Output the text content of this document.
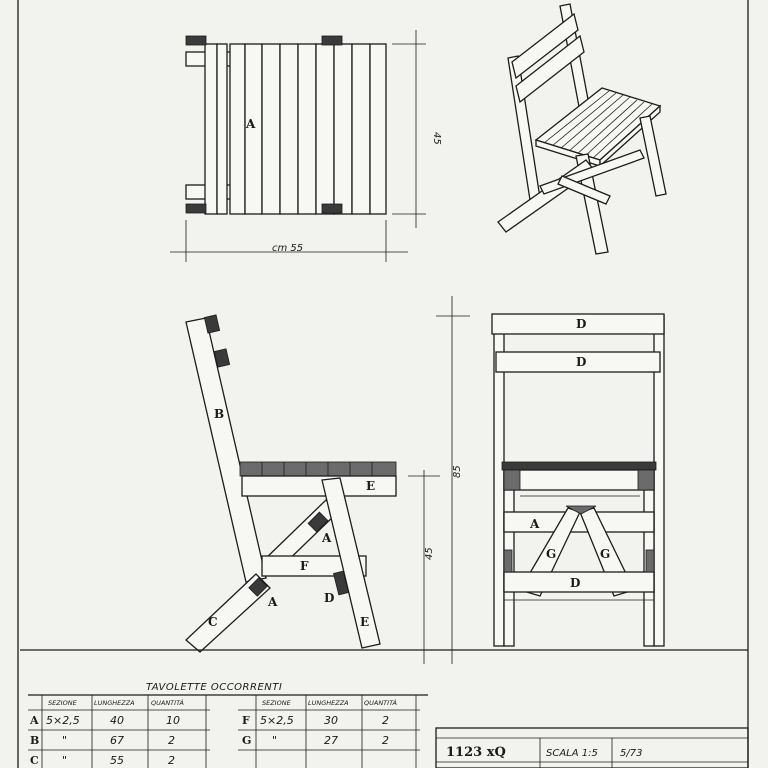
A
cm 55
45
B
E
A
F
D
E
A
C
85
45
D
D
A
G	G
D
TAVOLETTE OCCORRENTI
SEZIONE	LUNGHEZZA	QUANTITÀ
A 5×2,5	40	10
B "	67	2
C "	55	2
SEZIONE	LUNGHEZZA QUANTITÀ
F 5×2,5	30	2
G "	27	2
1123 xQ	SCALA 1:5 5/73
